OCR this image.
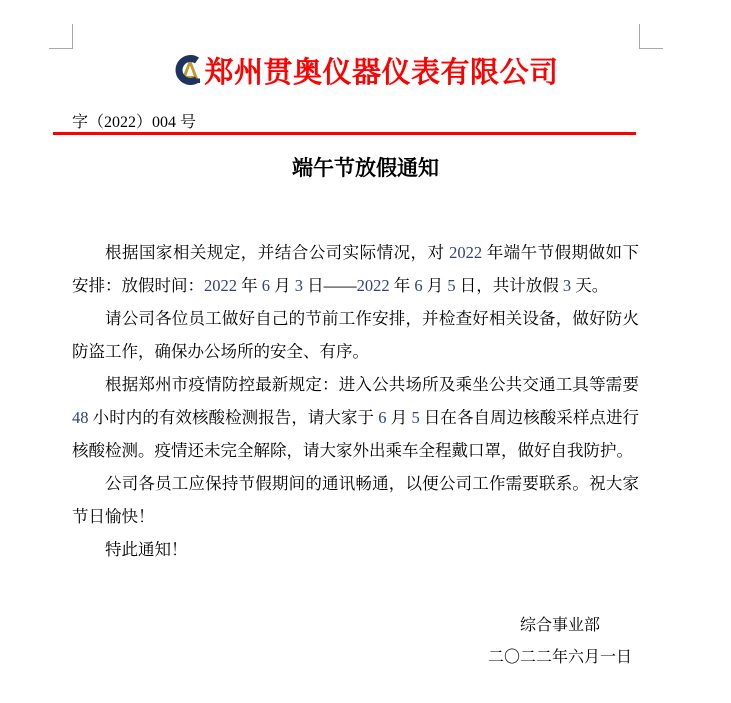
郑州贯奥仪器仪表有限公司
字（2022）004 号
端午节放假通知

根据国家相关规定，并结合公司实际情况，对 2022 年端午节假期做如下安排：放假时间：2022 年 6 月 3 日——2022 年 6 月 5 日，共计放假 3 天。

请公司各位员工做好自己的节前工作安排，并检查好相关设备，做好防火防盗工作，确保办公场所的安全、有序。

根据郑州市疫情防控最新规定：进入公共场所及乘坐公共交通工具等需要 48 小时内的有效核酸检测报告，请大家于 6 月 5 日在各自周边核酸采样点进行核酸检测。疫情还未完全解除，请大家外出乘车全程戴口罩，做好自我防护。

公司各员工应保持节假期间的通讯畅通，以便公司工作需要联系。祝大家节日愉快！

特此通知！

综合事业部
二〇二二年六月一日
